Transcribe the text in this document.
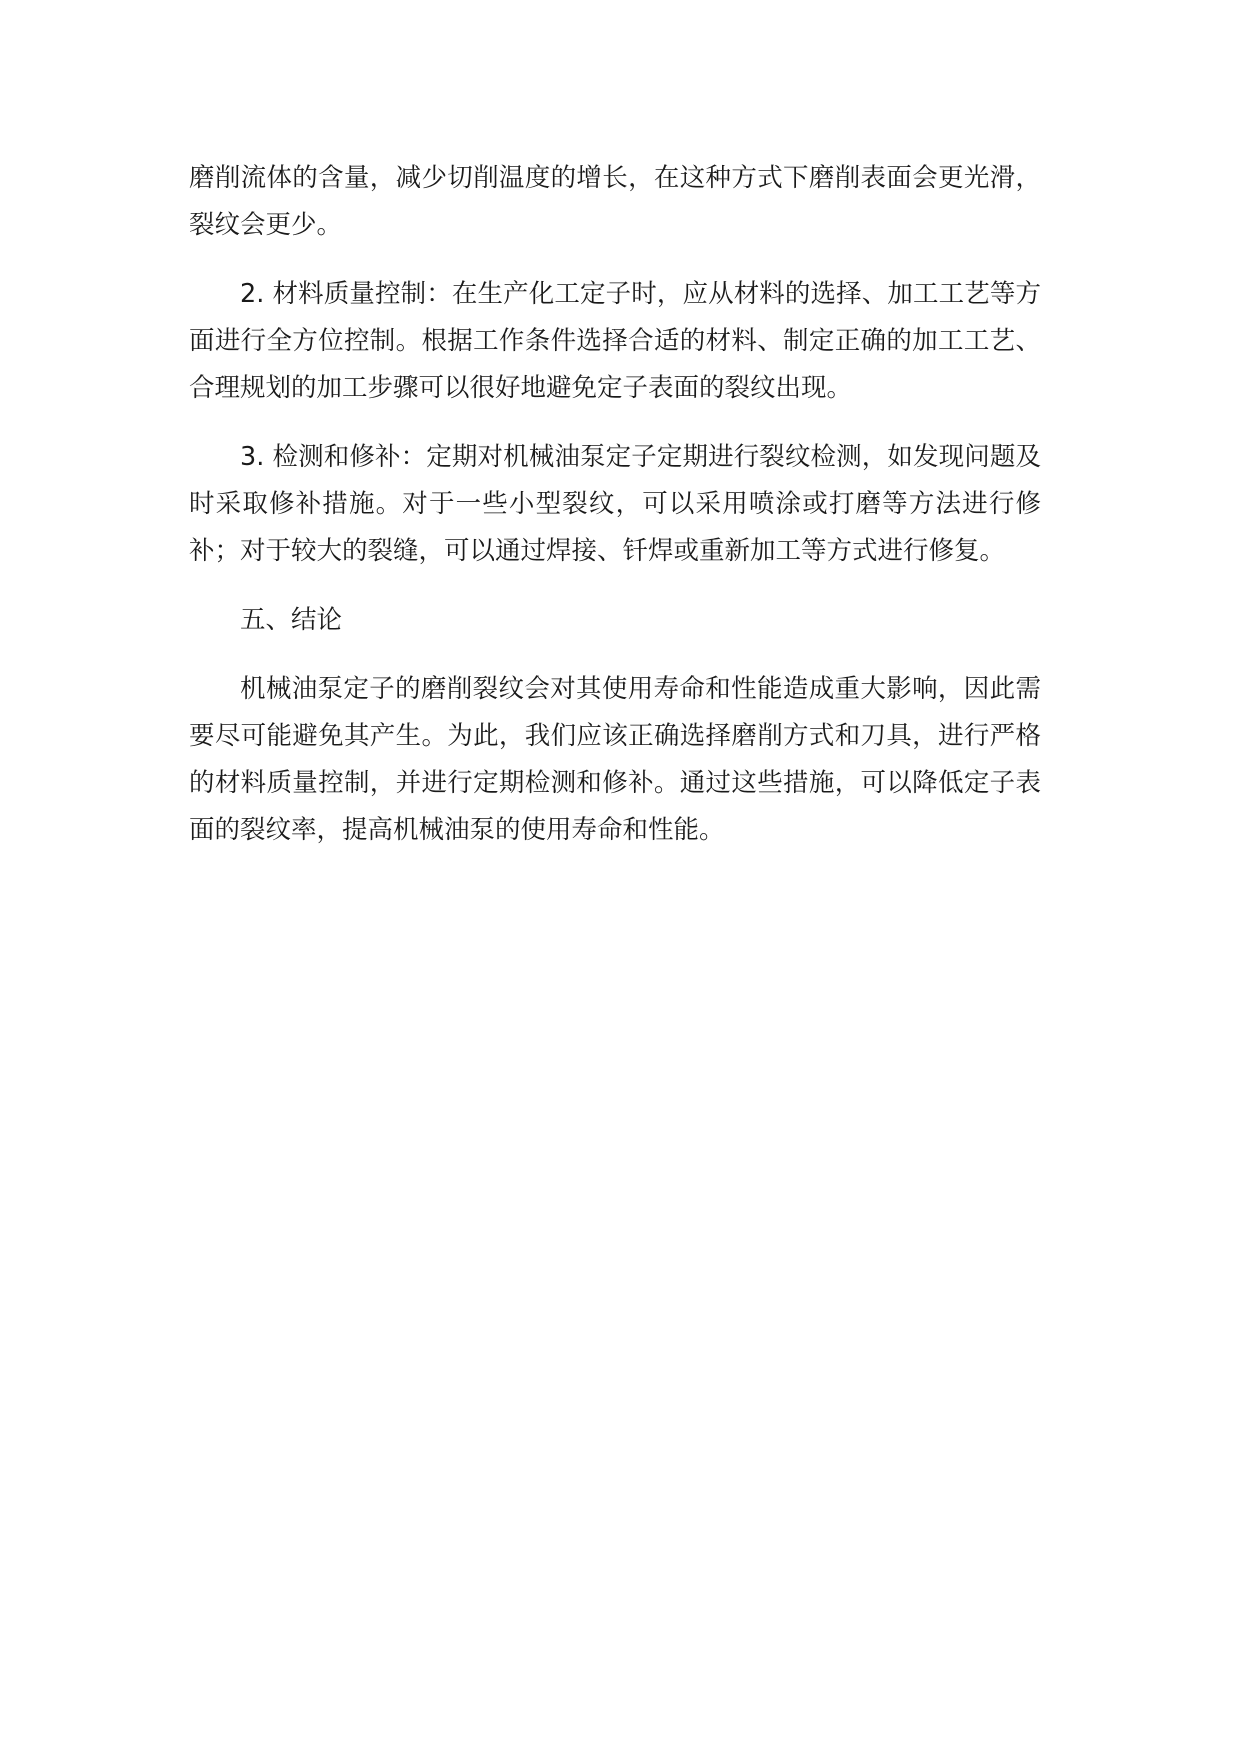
磨削流体的含量，减少切削温度的增长，在这种方式下磨削表面会更光滑，裂纹会更少。

2. 材料质量控制：在生产化工定子时，应从材料的选择、加工工艺等方面进行全方位控制。根据工作条件选择合适的材料、制定正确的加工工艺、合理规划的加工步骤可以很好地避免定子表面的裂纹出现。

3. 检测和修补：定期对机械油泵定子定期进行裂纹检测，如发现问题及时采取修补措施。对于一些小型裂纹，可以采用喷涂或打磨等方法进行修补；对于较大的裂缝，可以通过焊接、钎焊或重新加工等方式进行修复。

五、结论

机械油泵定子的磨削裂纹会对其使用寿命和性能造成重大影响，因此需要尽可能避免其产生。为此，我们应该正确选择磨削方式和刀具，进行严格的材料质量控制，并进行定期检测和修补。通过这些措施，可以降低定子表面的裂纹率，提高机械油泵的使用寿命和性能。
